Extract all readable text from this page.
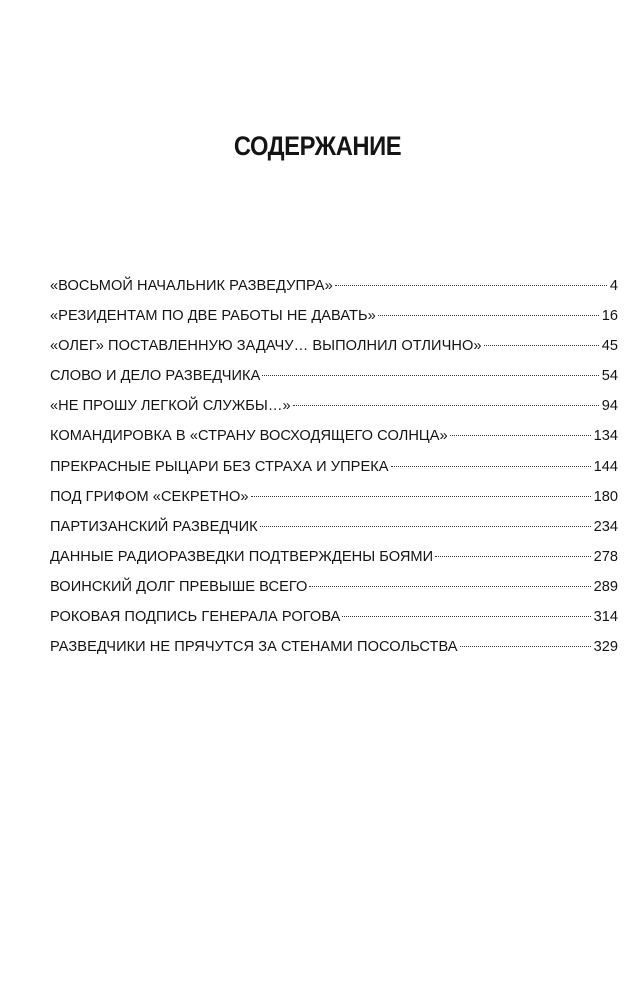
СОДЕРЖАНИЕ
«ВОСЬМОЙ НАЧАЛЬНИК РАЗВЕДУПРА»	4
«РЕЗИДЕНТАМ ПО ДВЕ РАБОТЫ НЕ ДАВАТЬ»	16
«ОЛЕГ» ПОСТАВЛЕННУЮ ЗАДАЧУ… ВЫПОЛНИЛ ОТЛИЧНО»	45
СЛОВО И ДЕЛО РАЗВЕДЧИКА	54
«НЕ ПРОШУ ЛЕГКОЙ СЛУЖБЫ…»	94
КОМАНДИРОВКА В «СТРАНУ ВОСХОДЯЩЕГО СОЛНЦА»	134
ПРЕКРАСНЫЕ РЫЦАРИ БЕЗ СТРАХА И УПРЕКА	144
ПОД ГРИФОМ «СЕКРЕТНО»	180
ПАРТИЗАНСКИЙ РАЗВЕДЧИК	234
ДАННЫЕ РАДИОРАЗВЕДКИ ПОДТВЕРЖДЕНЫ БОЯМИ	278
ВОИНСКИЙ ДОЛГ ПРЕВЫШЕ ВСЕГО	289
РОКОВАЯ ПОДПИСЬ ГЕНЕРАЛА РОГОВА	314
РАЗВЕДЧИКИ НЕ ПРЯЧУТСЯ ЗА СТЕНАМИ ПОСОЛЬСТВА	329
